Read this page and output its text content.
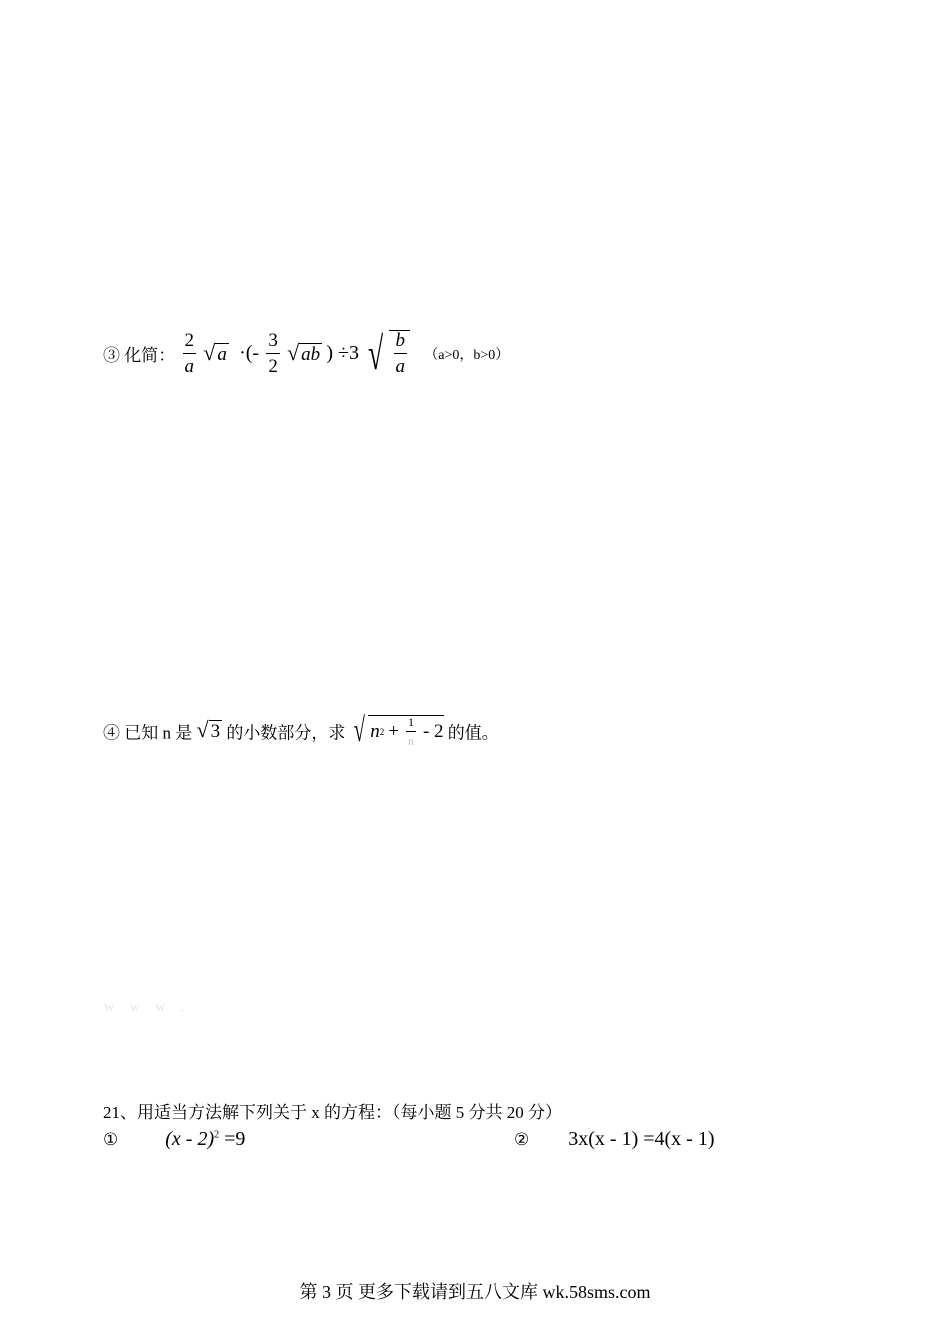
③ 化简： $\frac{2}{a}$ √ a ·(- $\frac{3}{2}$ √ ab ) ÷3 √ $\frac{b}{a} (a>0$，b>0）
④ 已知 n 是 √ 3 的小数部分，求 √ n $2 + \frac{1}{n} - 2$ 的值。
w w w .
21、用适当方法解下列关于 x 的方程：（每小题 5 分共 20 分）
① (x - 2)$^2$ =9	② 3x(x - 1) =4(x - 1)
第 3 页 更多下载请到五八文库 wk.58sms.com
